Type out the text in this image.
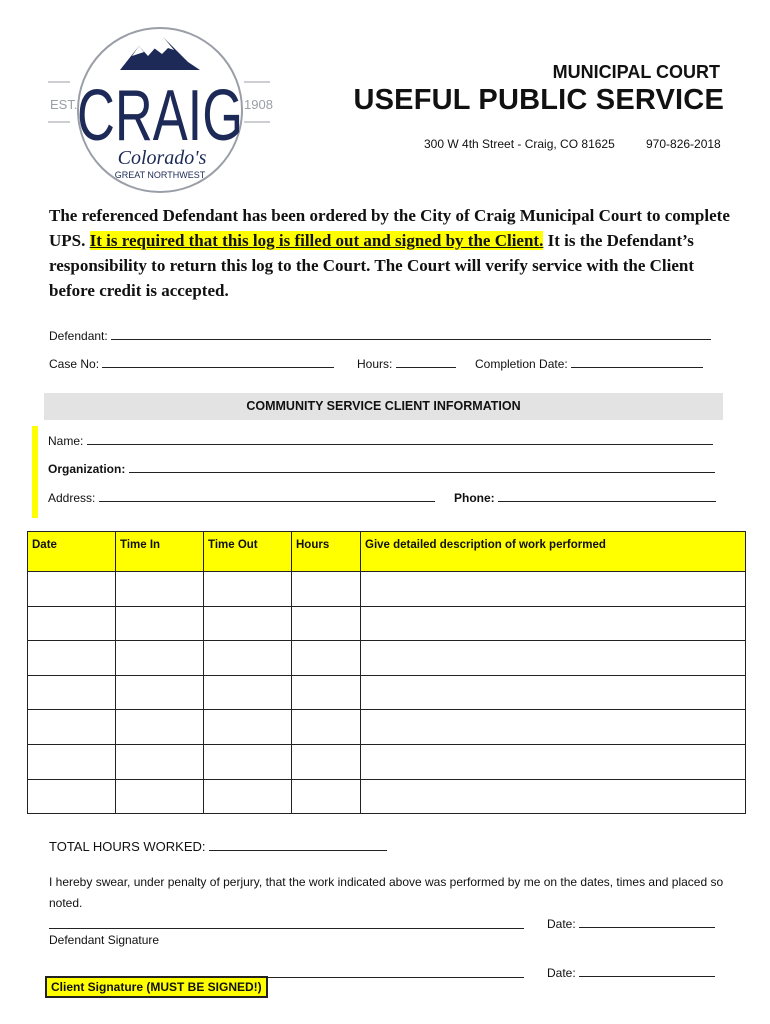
EST.	1908
CRAIG
Colorado's
GREAT NORTHWEST
MUNICIPAL COURT
USEFUL PUBLIC SERVICE
300 W 4th Street - Craig, CO 81625	970-826-2018
The referenced Defendant has been ordered by the City of Craig Municipal Court to complete UPS. It is required that this log is filled out and signed by the Client. It is the Defendant’s responsibility to return this log to the Court. The Court will verify service with the Client before credit is accepted.
Defendant:
Case No:	Hours:	Completion Date:
COMMUNITY SERVICE CLIENT INFORMATION
Name:
Organization:
Address:	Phone:
Date	Time In	Time Out	Hours	Give detailed description of work performed

TOTAL HOURS WORKED:
I hereby swear, under penalty of perjury, that the work indicated above was performed by me on the dates, times and placed so noted.
Defendant Signature
Date:
Date:
Client Signature (MUST BE SIGNED!)
